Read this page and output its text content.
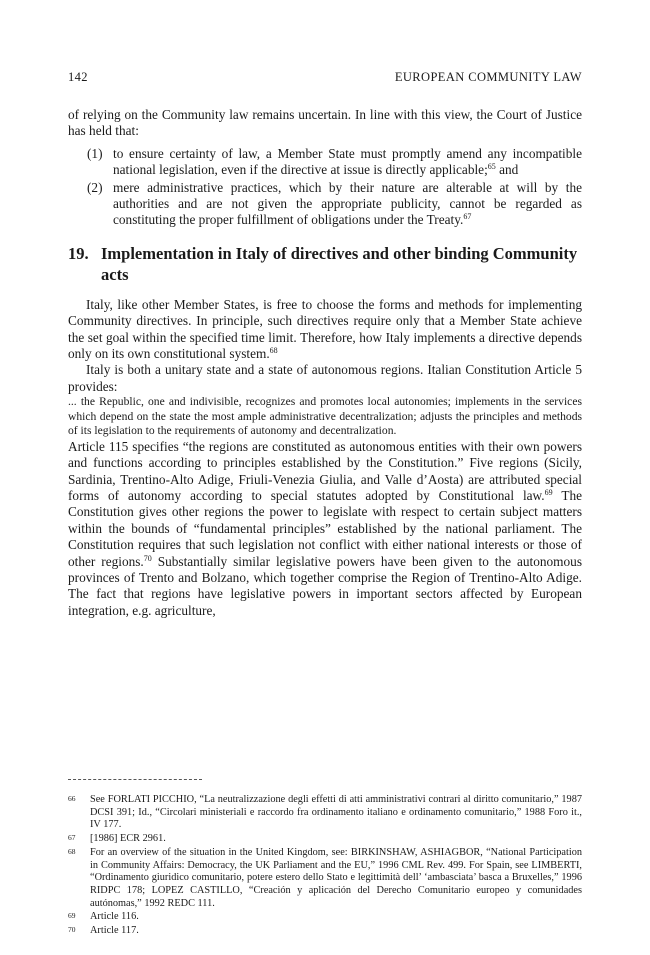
142	EUROPEAN COMMUNITY LAW

of relying on the Community law remains uncertain. In line with this view, the Court of Justice has held that:

(1) to ensure certainty of law, a Member State must promptly amend any incompatible national legislation, even if the directive at issue is directly applicable;$^{65}$ and
(2) mere administrative practices, which by their nature are alterable at will by the authorities and are not given the appropriate publicity, cannot be regarded as constituting the proper fulfillment of obligations under the Treaty.$^{67}$
19. Implementation in Italy of directives and other binding Community acts

Italy, like other Member States, is free to choose the forms and methods for implementing Community directives. In principle, such directives require only that a Member State achieve the set goal within the specified time limit. Therefore, how Italy implements a directive depends only on its own constitutional system.$^{68}$

Italy is both a unitary state and a state of autonomous regions. Italian Constitution Article 5 provides:

... the Republic, one and indivisible, recognizes and promotes local autonomies; implements in the services which depend on the state the most ample administrative decentralization; adjusts the principles and methods of its legislation to the requirements of autonomy and decentralization.

Article 115 specifies “the regions are constituted as autonomous entities with their own powers and functions according to principles established by the Constitution.” Five regions (Sicily, Sardinia, Trentino-Alto Adige, Friuli-Venezia Giulia, and Valle d’Aosta) are attributed special forms of autonomy according to special statutes adopted by Constitutional law.$^{69}$ The Constitution gives other regions the power to legislate with respect to certain subject matters within the bounds of “fundamental principles” established by the national parliament. The Constitution requires that such legislation not conflict with either national interests or those of other regions.$^{70}$ Substantially similar legislative powers have been given to the autonomous provinces of Trento and Bolzano, which together comprise the Region of Trentino-Alto Adige. The fact that regions have legislative powers in important sectors affected by European integration, e.g. agriculture,

66 See FORLATI PICCHIO, “La neutralizzazione degli effetti di atti amministrativi contrari al diritto comunitario,” 1987 DCSI 391; Id., “Circolari ministeriali e raccordo fra ordinamento italiano e ordinamento comunitario,” 1988 Foro it., IV 177.
67 [1986] ECR 2961.
68 For an overview of the situation in the United Kingdom, see: BIRKINSHAW, ASHIAGBOR, “National Participation in Community Affairs: Democracy, the UK Parliament and the EU,” 1996 CML Rev. 499. For Spain, see LIMBERTI, “Ordinamento giuridico comunitario, potere estero dello Stato e legittimità dell’ ‘ambasciata’ basca a Bruxelles,” 1996 RIDPC 178; LOPEZ CASTILLO, “Creación y aplicación del Derecho Comunitario europeo y comunidades autónomas,” 1992 REDC 111.
69 Article 116.
70 Article 117.
